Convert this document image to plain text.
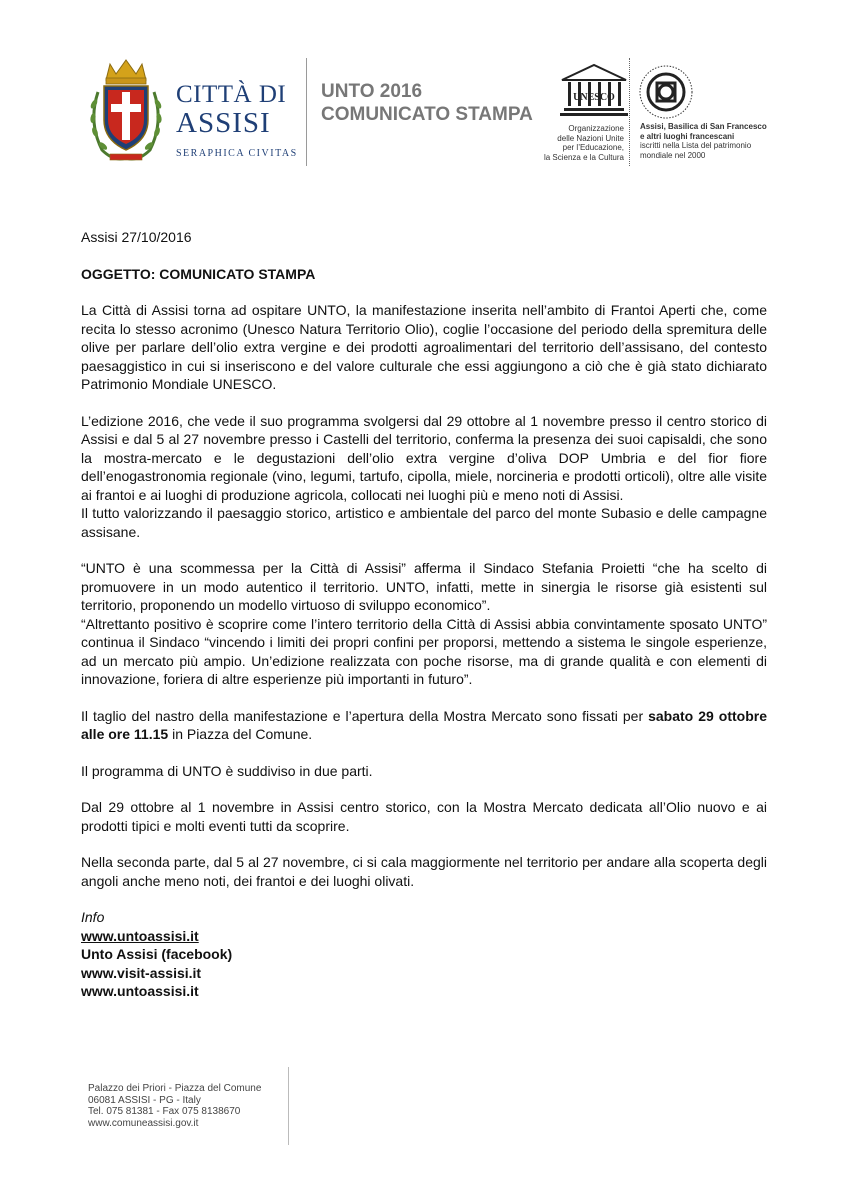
CITTÀ DI
ASSISI
SERAPHICA CIVITAS
UNTO 2016
COMUNICATO STAMPA
UNESCO
Organizzazione
delle Nazioni Unite
per l’Educazione,
la Scienza e la Cultura
Assisi, Basilica di San Francesco
e altri luoghi francescani
iscritti nella Lista del patrimonio
mondiale nel 2000

Assisi 27/10/2016

OGGETTO: COMUNICATO STAMPA

La Città di Assisi torna ad ospitare UNTO, la manifestazione inserita nell’ambito di Frantoi Aperti che, come recita lo stesso acronimo (Unesco Natura Territorio Olio), coglie l’occasione del periodo della spremitura delle olive per parlare dell’olio extra vergine e dei prodotti agroalimentari del territorio dell’assisano, del contesto paesaggistico in cui si inseriscono e del valore culturale che essi aggiungono a ciò che è già stato dichiarato Patrimonio Mondiale UNESCO.

L’edizione 2016, che vede il suo programma svolgersi dal 29 ottobre al 1 novembre presso il centro storico di Assisi e dal 5 al 27 novembre presso i Castelli del territorio, conferma la presenza dei suoi capisaldi, che sono la mostra-mercato e le degustazioni dell’olio extra vergine d’oliva DOP Umbria e del fior fiore dell’enogastronomia regionale (vino, legumi, tartufo, cipolla, miele, norcineria e prodotti orticoli), oltre alle visite ai frantoi e ai luoghi di produzione agricola, collocati nei luoghi più e meno noti di Assisi.

Il tutto valorizzando il paesaggio storico, artistico e ambientale del parco del monte Subasio e delle campagne assisane.

“UNTO è una scommessa per la Città di Assisi” afferma il Sindaco Stefania Proietti “che ha scelto di promuovere in un modo autentico il territorio. UNTO, infatti, mette in sinergia le risorse già esistenti sul territorio, proponendo un modello virtuoso di sviluppo economico”.

“Altrettanto positivo è scoprire come l’intero territorio della Città di Assisi abbia convintamente sposato UNTO” continua il Sindaco “vincendo i limiti dei propri confini per proporsi, mettendo a sistema le singole esperienze, ad un mercato più ampio. Un’edizione realizzata con poche risorse, ma di grande qualità e con elementi di innovazione, foriera di altre esperienze più importanti in futuro”.

Il taglio del nastro della manifestazione e l’apertura della Mostra Mercato sono fissati per sabato 29 ottobre alle ore 11.15 in Piazza del Comune.

Il programma di UNTO è suddiviso in due parti.

Dal 29 ottobre al 1 novembre in Assisi centro storico, con la Mostra Mercato dedicata all’Olio nuovo e ai prodotti tipici e molti eventi tutti da scoprire.

Nella seconda parte, dal 5 al 27 novembre, ci si cala maggiormente nel territorio per andare alla scoperta degli angoli anche meno noti, dei frantoi e dei luoghi olivati.

Info

www.untoassisi.it

Unto Assisi (facebook)

www.visit-assisi.it

www.untoassisi.it

Palazzo dei Priori - Piazza del Comune
06081 ASSISI - PG - Italy
Tel. 075 81381 - Fax 075 8138670
www.comuneassisi.gov.it
